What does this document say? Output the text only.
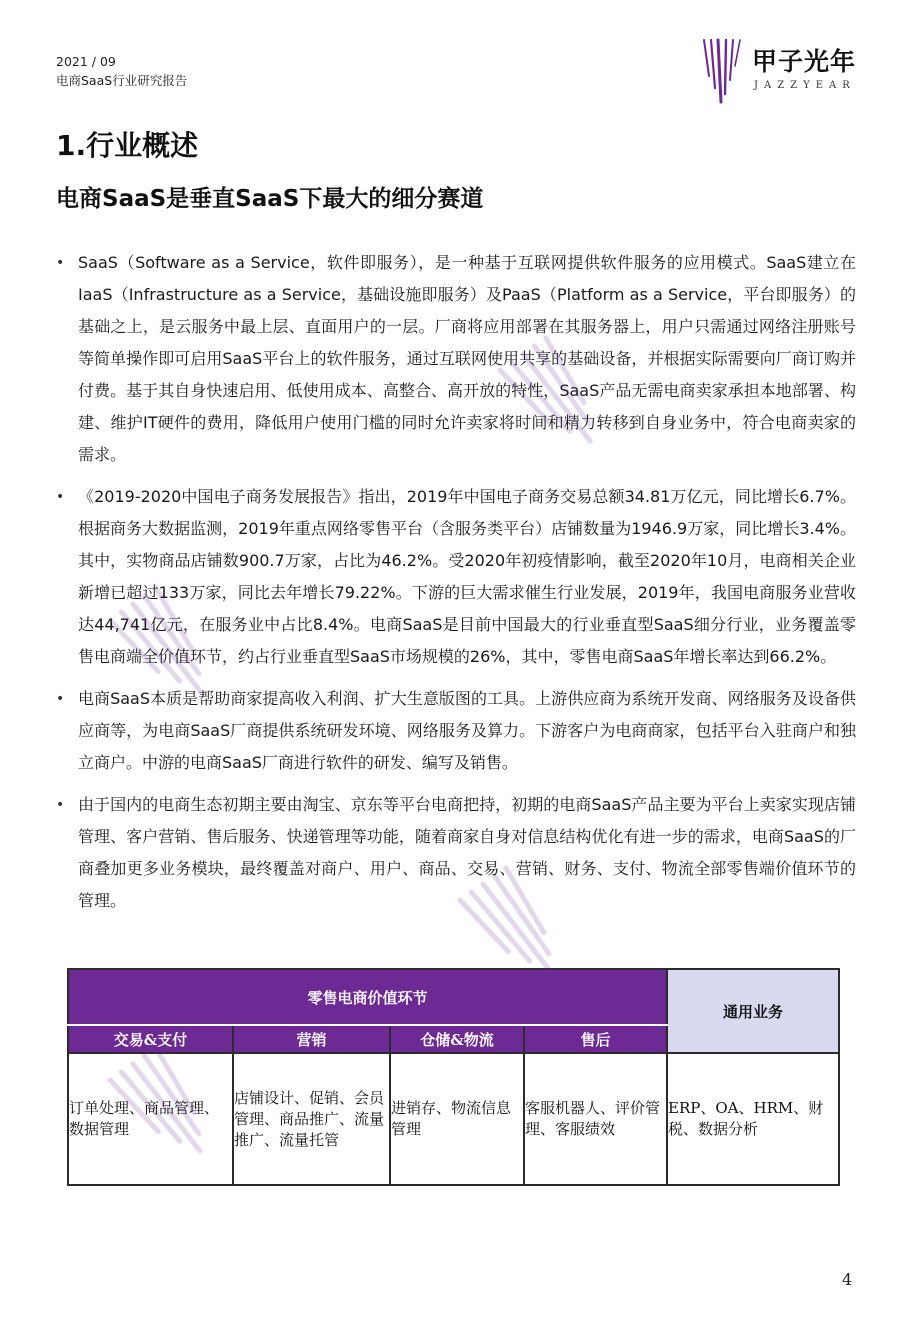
2021 / 09
电商SaaS行业研究报告
甲子光年
JAZZYEAR
1.行业概述
电商SaaS是垂直SaaS下最大的细分赛道
• SaaS（Software as a Service，软件即服务），是一种基于互联网提供软件服务的应用模式。SaaS建立在IaaS（Infrastructure as a Service，基础设施即服务）及PaaS（Platform as a Service，平台即服务）的基础之上，是云服务中最上层、直面用户的一层。厂商将应用部署在其服务器上，用户只需通过网络注册账号等简单操作即可启用SaaS平台上的软件服务，通过互联网使用共享的基础设备，并根据实际需要向厂商订购并付费。基于其自身快速启用、低使用成本、高整合、高开放的特性，SaaS产品无需电商卖家承担本地部署、构建、维护IT硬件的费用，降低用户使用门槛的同时允许卖家将时间和精力转移到自身业务中，符合电商卖家的需求。
• 《2019-2020中国电子商务发展报告》指出，2019年中国电子商务交易总额34.81万亿元，同比增长6.7%。根据商务大数据监测，2019年重点网络零售平台（含服务类平台）店铺数量为1946.9万家，同比增长3.4%。其中，实物商品店铺数900.7万家，占比为46.2%。受2020年初疫情影响，截至2020年10月，电商相关企业新增已超过133万家，同比去年增长79.22%。下游的巨大需求催生行业发展，2019年，我国电商服务业营收达44,741亿元，在服务业中占比8.4%。电商SaaS是目前中国最大的行业垂直型SaaS细分行业，业务覆盖零售电商端全价值环节，约占行业垂直型SaaS市场规模的26%，其中，零售电商SaaS年增长率达到66.2%。
• 电商SaaS本质是帮助商家提高收入利润、扩大生意版图的工具。上游供应商为系统开发商、网络服务及设备供应商等，为电商SaaS厂商提供系统研发环境、网络服务及算力。下游客户为电商商家，包括平台入驻商户和独立商户。中游的电商SaaS厂商进行软件的研发、编写及销售。
• 由于国内的电商生态初期主要由淘宝、京东等平台电商把持，初期的电商SaaS产品主要为平台上卖家实现店铺管理、客户营销、售后服务、快递管理等功能，随着商家自身对信息结构优化有进一步的需求，电商SaaS的厂商叠加更多业务模块，最终覆盖对商户、用户、商品、交易、营销、财务、支付、物流全部零售端价值环节的管理。
零售电商价值环节				通用业务
交易&支付	营销	仓储&物流	售后	
订单处理、商品管理、数据管理	店铺设计、促销、会员管理、商品推广、流量推广、流量托管	进销存、物流信息管理	客服机器人、评价管理、客服绩效	ERP、OA、HRM、财税、数据分析
4
